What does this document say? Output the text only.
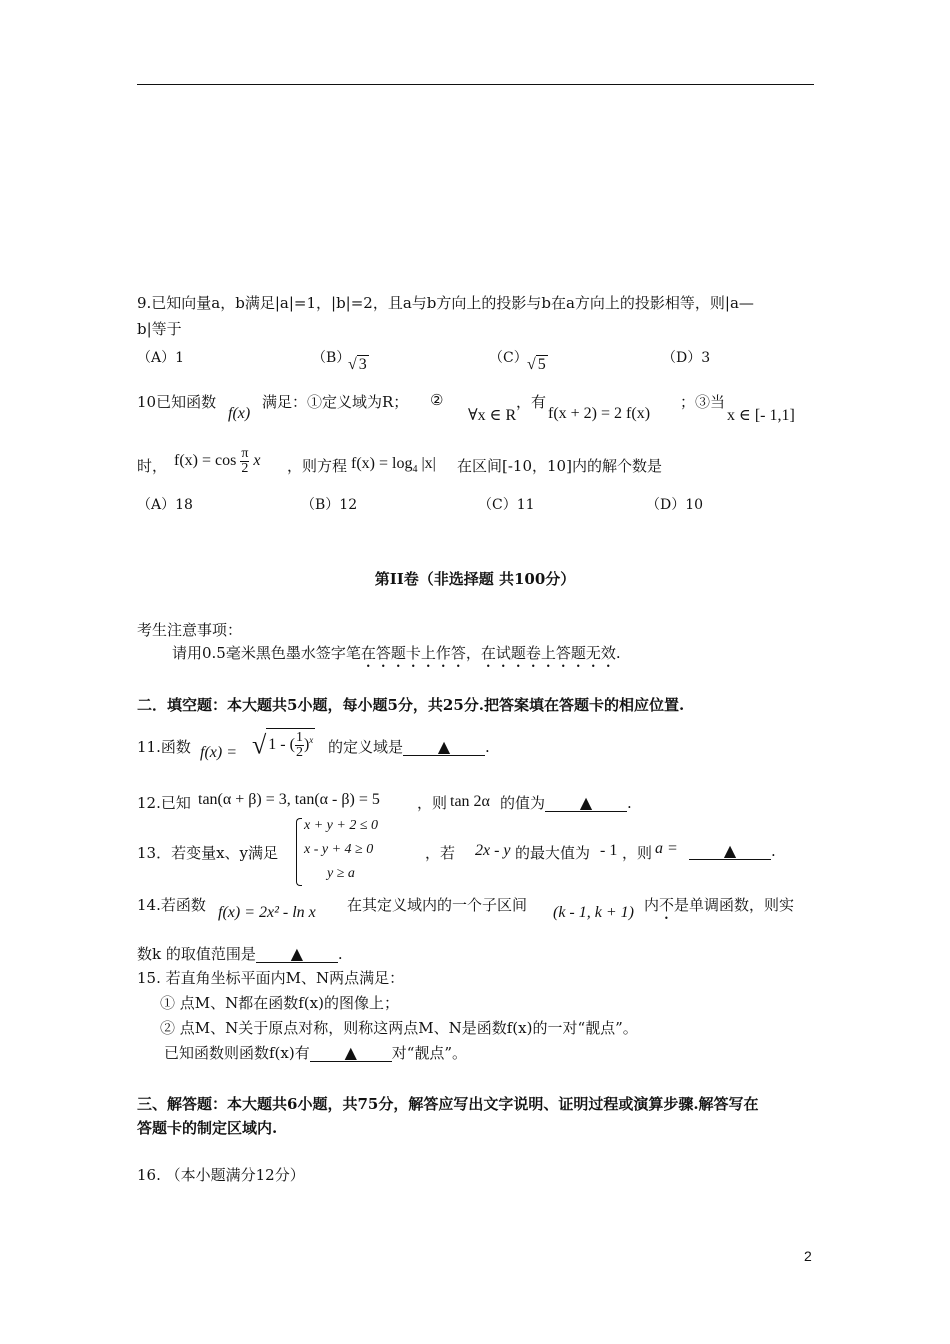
9.已知向量a，b满足|a|=1，|b|=2，且a与b方向上的投影与b在a方向上的投影相等，则|a—
b|等于
（A）1	（B）
√ 3	（C） √ 5	（D）3
10已知函数
f(x)
满足：①定义域为R； ②
∀x ∈ R
，有
f(x + 2) = 2 f(x)
；③当
x ∈ [- 1,1]
时， $f(x) = \cos \frac{\pi}{2}$ x ，则方程 $f(x) = \log_4 |x|$ 在区间[-10，10]内的解个数是
（A）18	（B）12	（C）11	（D）10
第II卷（非选择题 共100分）
考生注意事项：
请用0.5毫米黑色墨水签字笔在答题卡上作答，在试题卷上答题无效.
二．填空题：本大题共5小题，每小题5分，共25分.把答案填在答题卡的相应位置.
11.函数 f(x) = √ 1 - ( $\frac{1}{2} )^x$ 的定义域是 ▲ .
12.已知 tan(α + β) = 3, tan(α - β) = 5 ，则 tan 2α 的值为 ▲ .
13．若变量x、y满足
x + y + 2 ≤ 0
x - y + 4 ≥ 0
y ≥ a
，若 2x - y 的最大值为 - 1 ，则 a =	▲ .
14.若函数 f(x) = 2x² - ln x 在其定义域内的一个子区间 (k - 1, k + 1) 内不是单调函数，则实
数k 的取值范围是 ▲ .
15. 若直角坐标平面内M、N两点满足：
① 点M、N都在函数f(x)的图像上；
② 点M、N关于原点对称，则称这两点M、N是函数f(x)的一对“靓点”。
已知函数则函数f(x)有 ▲ 对“靓点”。
三、解答题：本大题共6小题，共75分，解答应写出文字说明、证明过程或演算步骤.解答写在
答题卡的制定区域内.
16. （本小题满分12分）
2
